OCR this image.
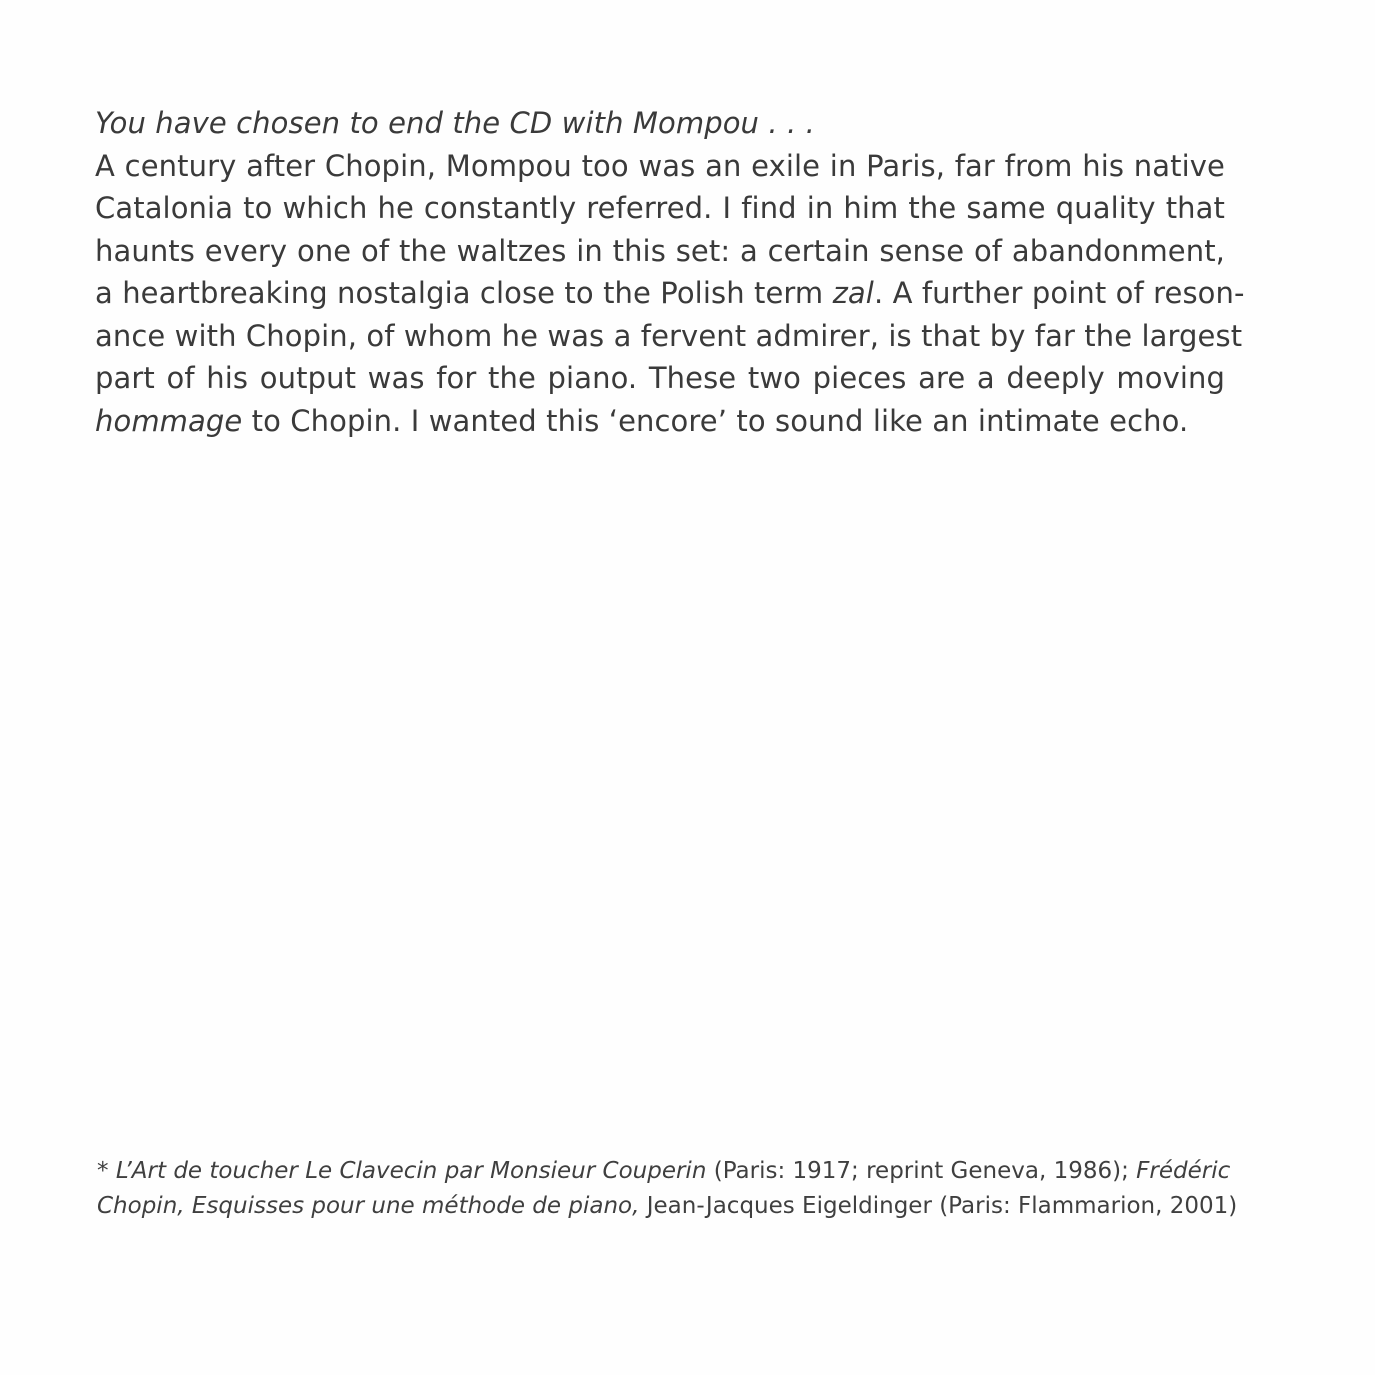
You have chosen to end the CD with Mompou . . .
A century after Chopin, Mompou too was an exile in Paris, far from his native
Catalonia to which he constantly referred. I find in him the same quality that
haunts every one of the waltzes in this set: a certain sense of abandonment,
a heartbreaking nostalgia close to the Polish term zal. A further point of reson-
ance with Chopin, of whom he was a fervent admirer, is that by far the largest
part of his output was for the piano. These two pieces are a deeply moving
hommage to Chopin. I wanted this ‘encore’ to sound like an intimate echo.
* L’Art de toucher Le Clavecin par Monsieur Couperin (Paris: 1917; reprint Geneva, 1986); Frédéric
Chopin, Esquisses pour une méthode de piano, Jean-Jacques Eigeldinger (Paris: Flammarion, 2001)
